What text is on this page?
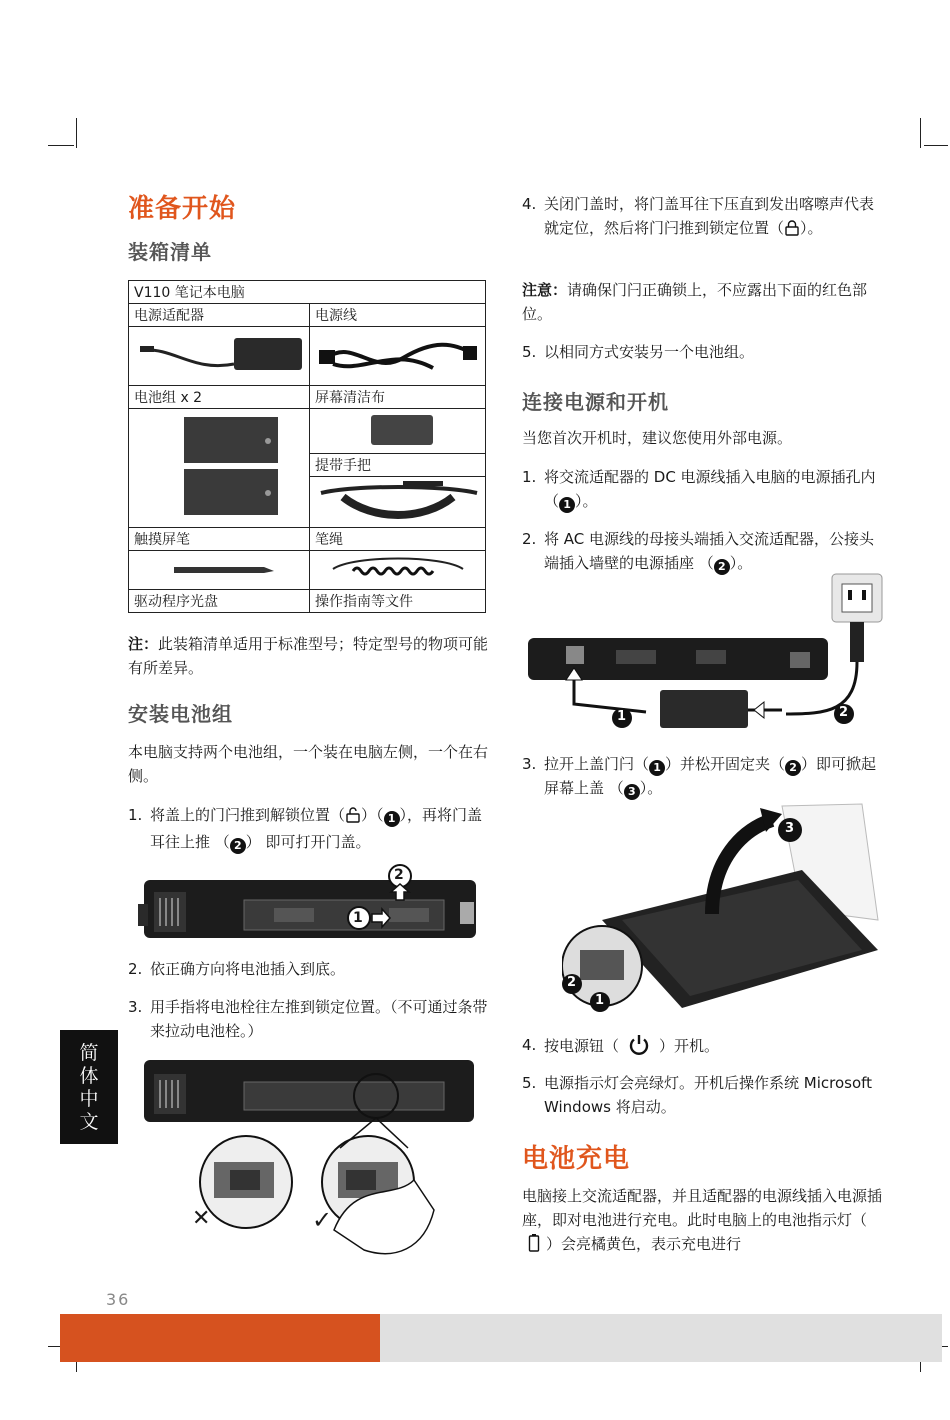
准备开始
装箱清单
V110 笔记本电脑	
电源适配器	电源线

电池组 x 2	屏幕清洁布

	提带手把

触摸屏笔	笔绳

驱动程序光盘	操作指南等文件

注：此装箱清单适用于标准型号；特定型号的物项可能有所差异。

安装电池组

本电脑支持两个电池组，一个装在电脑左侧，一个在右侧。

1. 将盖上的门闩推到解锁位置（ ）（ 1 ），再将门盖耳往上推 （ 2 ） 即可打开门盖。
1
2
2. 依正确方向将电池插入到底。
3. 用手指将电池栓往左推到锁定位置。（不可通过条带来拉动电池栓。）
✕	✓
简
体
中
文
4. 关闭门盖时，将门盖耳往下压直到发出喀嚓声代表就定位，然后将门闩推到锁定位置（ ）。

注意：请确保门闩正确锁上，不应露出下面的红色部位。

5. 以相同方式安装另一个电池组。
连接电源和开机

当您首次开机时，建议您使用外部电源。

1. 将交流适配器的 DC 电源线插入电脑的电源插孔内 （ 1 ）。
2. 将 AC 电源线的母接头端插入交流适配器，公接头端插入墙壁的电源插座 （ 2 ）。
1	2
3. 拉开上盖门闩（ 1 ）并松开固定夹（ 2 ）即可掀起屏幕上盖 （ 3 ）。
3
2
1
4. 按电源钮（	）开机。
5. 电源指示灯会亮绿灯。开机后操作系统 Microsoft Windows 将启动。
电池充电

电脑接上交流适配器，并且适配器的电源线插入电源插座，即对电池进行充电。此时电脑上的电池指示灯（）会亮橘黄色，表示充电进行

36
